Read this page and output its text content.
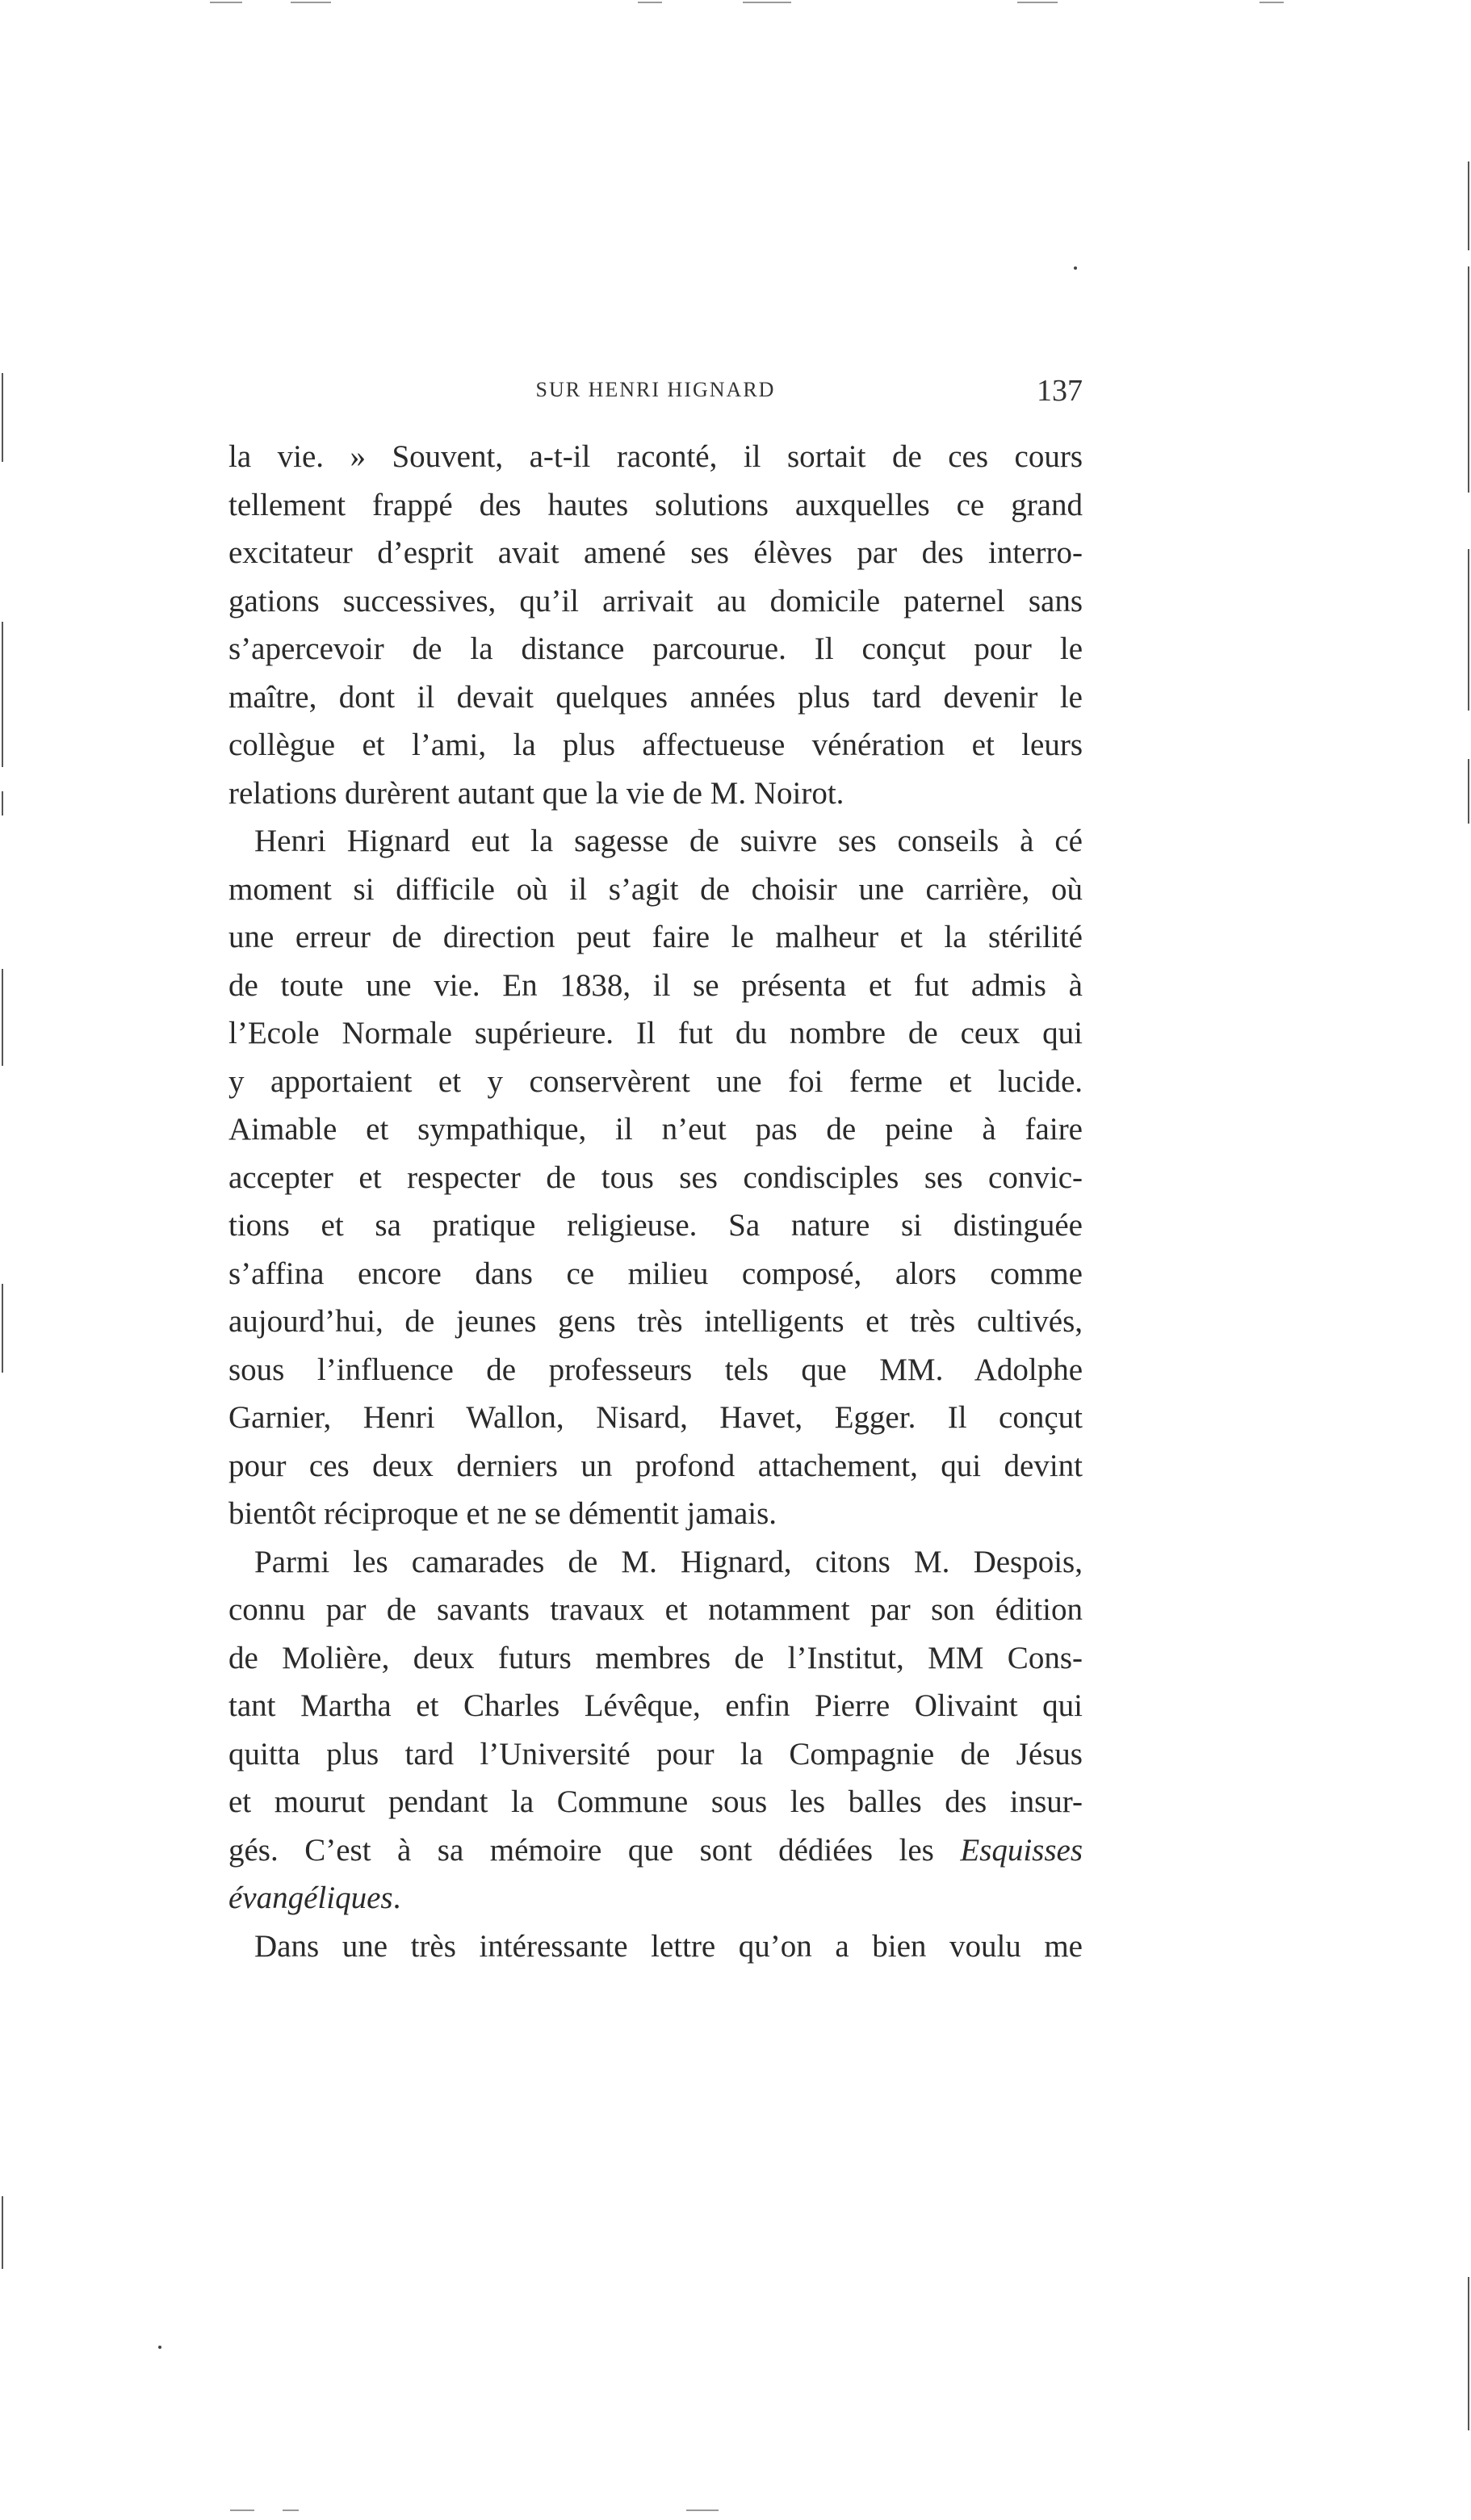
SUR HENRI HIGNARD	137
la vie. » Souvent, a-t-il raconté, il sortait de ces cours
tellement frappé des hautes solutions auxquelles ce grand
excitateur d’esprit avait amené ses élèves par des interro-
gations successives, qu’il arrivait au domicile paternel sans
s’apercevoir de la distance parcourue. Il conçut pour le
maître, dont il devait quelques années plus tard devenir le
collègue et l’ami, la plus affectueuse vénération et leurs
relations durèrent autant que la vie de M. Noirot.
Henri Hignard eut la sagesse de suivre ses conseils à cé
moment si difficile où il s’agit de choisir une carrière, où
une erreur de direction peut faire le malheur et la stérilité
de toute une vie. En 1838, il se présenta et fut admis à
l’Ecole Normale supérieure. Il fut du nombre de ceux qui
y apportaient et y conservèrent une foi ferme et lucide.
Aimable et sympathique, il n’eut pas de peine à faire
accepter et respecter de tous ses condisciples ses convic-
tions et sa pratique religieuse. Sa nature si distinguée
s’affina encore dans ce milieu composé, alors comme
aujourd’hui, de jeunes gens très intelligents et très cultivés,
sous l’influence de professeurs tels que MM. Adolphe
Garnier, Henri Wallon, Nisard, Havet, Egger. Il conçut
pour ces deux derniers un profond attachement, qui devint
bientôt réciproque et ne se démentit jamais.
Parmi les camarades de M. Hignard, citons M. Despois,
connu par de savants travaux et notamment par son édition
de Molière, deux futurs membres de l’Institut, MM Cons-
tant Martha et Charles Lévêque, enfin Pierre Olivaint qui
quitta plus tard l’Université pour la Compagnie de Jésus
et mourut pendant la Commune sous les balles des insur-
gés. C’est à sa mémoire que sont dédiées les Esquisses
évangéliques.
Dans une très intéressante lettre qu’on a bien voulu me
